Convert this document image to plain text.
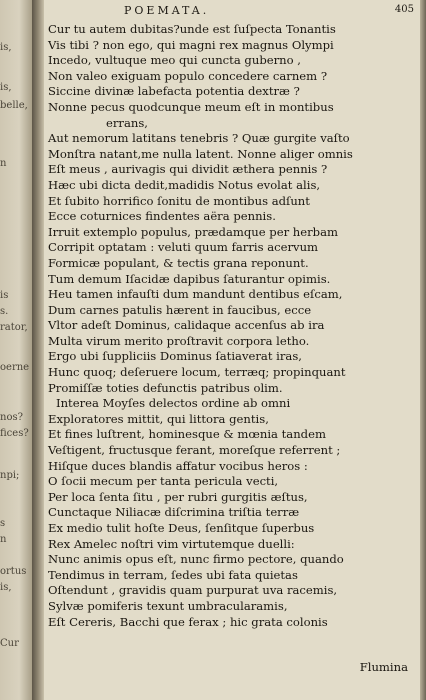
is,
is,
belle,
n
is
s.
rator,
oerne
nos?
fices?
npi;
s
n
ortus
is,
Cur
POEMATA.	405
Cur tu autem dubitas?unde est ſuſpecta Tonantis
Vis tibi ? non ego, qui magni rex magnus Olympi
Incedo, vultuque meo qui cuncta guberno ,
Non valeo exiguam populo concedere carnem ?
Siccine divinæ labefacta potentia dextræ ?
Nonne pecus quodcunque meum eſt in montibus
errans,
Aut nemorum latitans tenebris ? Quæ gurgite vaſto
Monſtra natant,me nulla latent. Nonne aliger omnis
Eſt meus , aurivagis qui dividit æthera pennis ?
Hæc ubi dicta dedit,madidis Notus evolat alis,
Et ſubito horrifico ſonitu de montibus adſunt
Ecce coturnices findentes aëra pennis.
Irruit extemplo populus, prædamque per herbam
Corripit optatam : veluti quum farris acervum
Formicæ populant, & tectis grana reponunt.
Tum demum Iſacidæ dapibus ſaturantur opimis.
Heu tamen infauſti dum mandunt dentibus eſcam,
Dum carnes patulis hærent in faucibus, ecce
Vltor adeſt Dominus, calidaque accenſus ab ira
Multa virum merito proſtravit corpora letho.
Ergo ubi ſuppliciis Dominus ſatiaverat iras,
Hunc quoq; deſeruere locum, terræq; propinquant
Promiſſæ toties defunctis patribus olim.
Interea Moyſes delectos ordine ab omni
Exploratores mittit, qui littora gentis,
Et fines luſtrent, hominesque & mœnia tandem
Veſtigent, fructusque ferant, moreſque referrent ;
Hiſque duces blandis affatur vocibus heros :
O ſocii mecum per tanta pericula vecti,
Per loca ſenta ſitu , per rubri gurgitis æſtus,
Cunctaque Niliacæ diſcrimina triſtia terræ
Ex medio tulit hoſte Deus, ſenſitque ſuperbus
Rex Amelec noſtri vim virtutemque duelli:
Nunc animis opus eſt, nunc firmo pectore, quando
Tendimus in terram, ſedes ubi fata quietas
Oſtendunt , gravidis quam purpurat uva racemis,
Sylvæ pomiferis texunt umbracularamis,
Eſt Cereris, Bacchi que ferax ; hic grata colonis
Flumina
